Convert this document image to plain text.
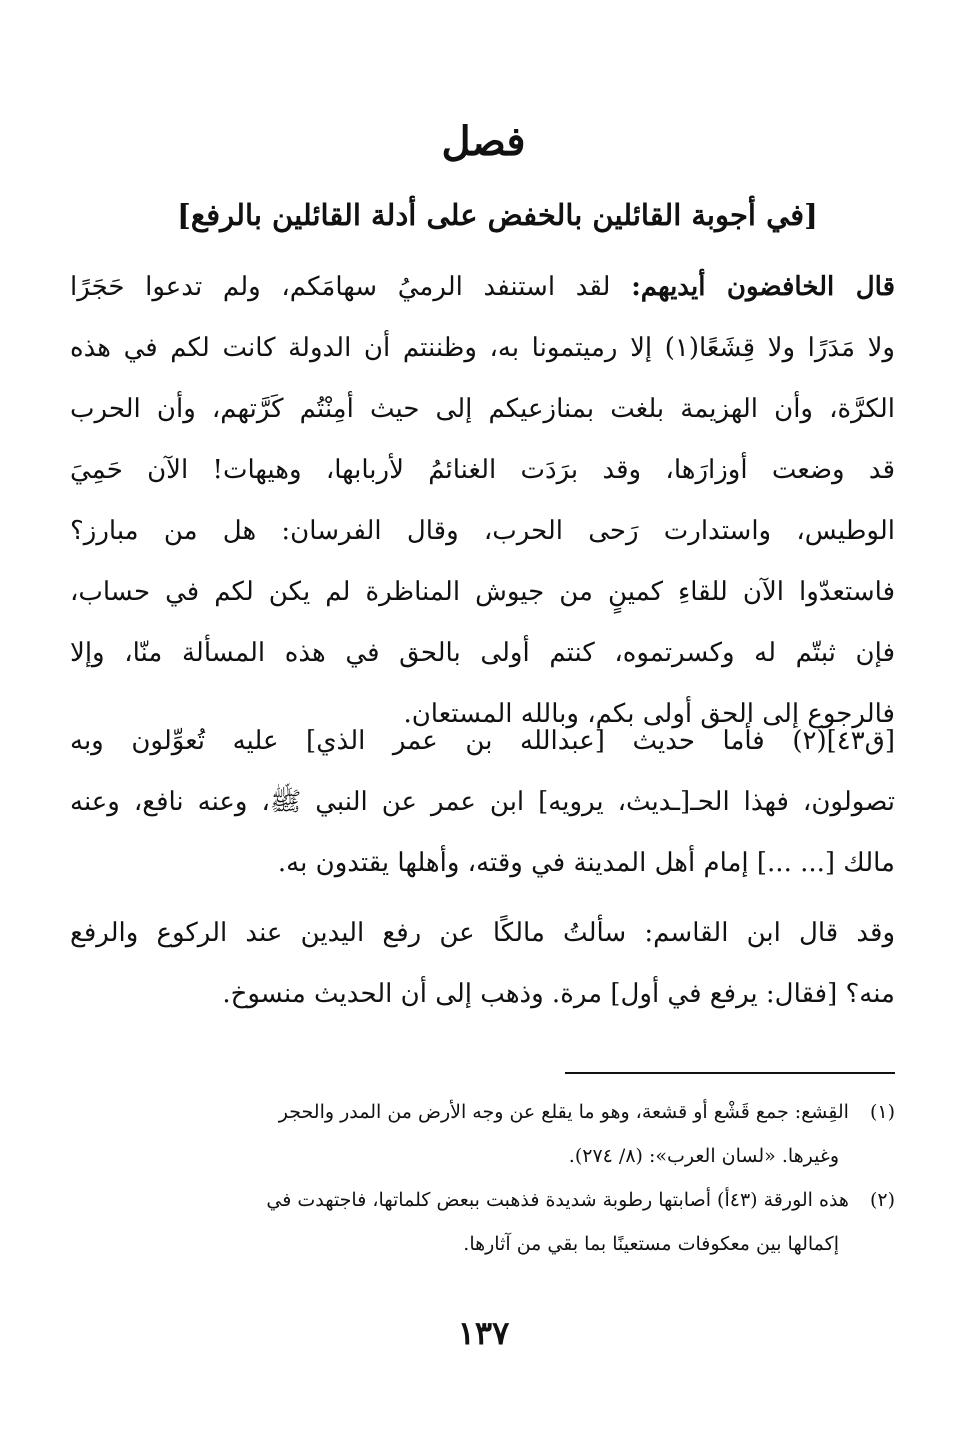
فصل
[في أجوبة القائلين بالخفض على أدلة القائلين بالرفع]
قال الخافضون أيديهم: لقد استنفد الرميُ سهامَكم، ولم تدعوا حَجَرًا
ولا مَدَرًا ولا قِشَعًا(١) إلا رميتمونا به، وظننتم أن الدولة كانت لكم في هذه
الكرَّة، وأن الهزيمة بلغت بمنازعيكم إلى حيث أمِنْتُم كَرَّتهم، وأن الحرب
قد وضعت أوزارَها، وقد برَدَت الغنائمُ لأربابها، وهيهات! الآن حَمِيَ
الوطيس، واستدارت رَحى الحرب، وقال الفرسان: هل من مبارز؟
فاستعدّوا الآن للقاءِ كمينٍ من جيوش المناظرة لم يكن لكم في حساب،
فإن ثبتّم له وكسرتموه، كنتم أولى بالحق في هذه المسألة منّا، وإلا
فالرجوع إلى الحق أولى بكم، وبالله المستعان.
[ق٤٣](٢) فأما حديث [عبدالله بن عمر الذي] عليه تُعوِّلون وبه
تصولون، فهذا الحـ[ـديث، يرويه] ابن عمر عن النبي ﷺ، وعنه نافع، وعنه
مالك [... ...] إمام أهل المدينة في وقته، وأهلها يقتدون به.
وقد قال ابن القاسم: سألتُ مالكًا عن رفع اليدين عند الركوع والرفع
منه؟ [فقال: يرفع في أول] مرة. وذهب إلى أن الحديث منسوخ.
(١) القِشع: جمع قَشْع أو قشعة، وهو ما يقلع عن وجه الأرض من المدر والحجر
وغيرها. «لسان العرب»: (٨/ ٢٧٤).
(٢) هذه الورقة (٤٣أ) أصابتها رطوبة شديدة فذهبت ببعض كلماتها، فاجتهدت في
إكمالها بين معكوفات مستعينًا بما بقي من آثارها.
١٣٧
